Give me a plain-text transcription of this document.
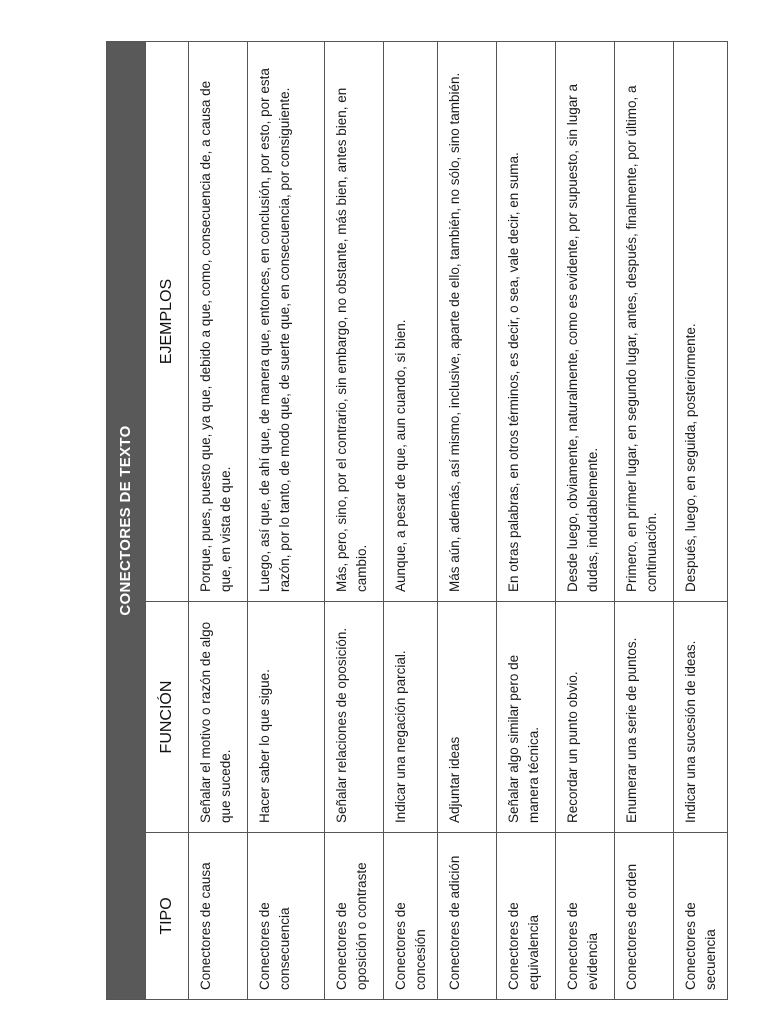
CONECTORES DE TEXTO		
TIPO	FUNCIÓN	EJEMPLOS
Conectores de causa	Señalar el motivo o razón de algo que sucede.	Porque, pues, puesto que, ya que, debido a que, como, consecuencia de, a causa de que, en vista de que.
Conectores de consecuencia	Hacer saber lo que sigue.	Luego, así que, de ahí que, de manera que, entonces, en conclusión, por esto, por esta razón, por lo tanto, de modo que, de suerte que, en consecuencia, por consiguiente.
Conectores de oposición o contraste	Señalar relaciones de oposición.	Más, pero, sino, por el contrario, sin embargo, no obstante, más bien, antes bien, en cambio.
Conectores de concesión	Indicar una negación parcial.	Aunque, a pesar de que, aun cuando, si bien.
Conectores de adición	Adjuntar ideas	Más aún, además, así mismo, inclusive, aparte de ello, también, no sólo, sino también.
Conectores de equivalencia	Señalar algo similar pero de manera técnica.	En otras palabras, en otros términos, es decir, o sea, vale decir, en suma.
Conectores de evidencia	Recordar un punto obvio.	Desde luego, obviamente, naturalmente, como es evidente, por supuesto, sin lugar a dudas, indudablemente.
Conectores de orden	Enumerar una serie de puntos.	Primero, en primer lugar, en segundo lugar, antes, después, finalmente, por último, a continuación.
Conectores de secuencia	Indicar una sucesión de ideas.	Después, luego, en seguida, posteriormente.
